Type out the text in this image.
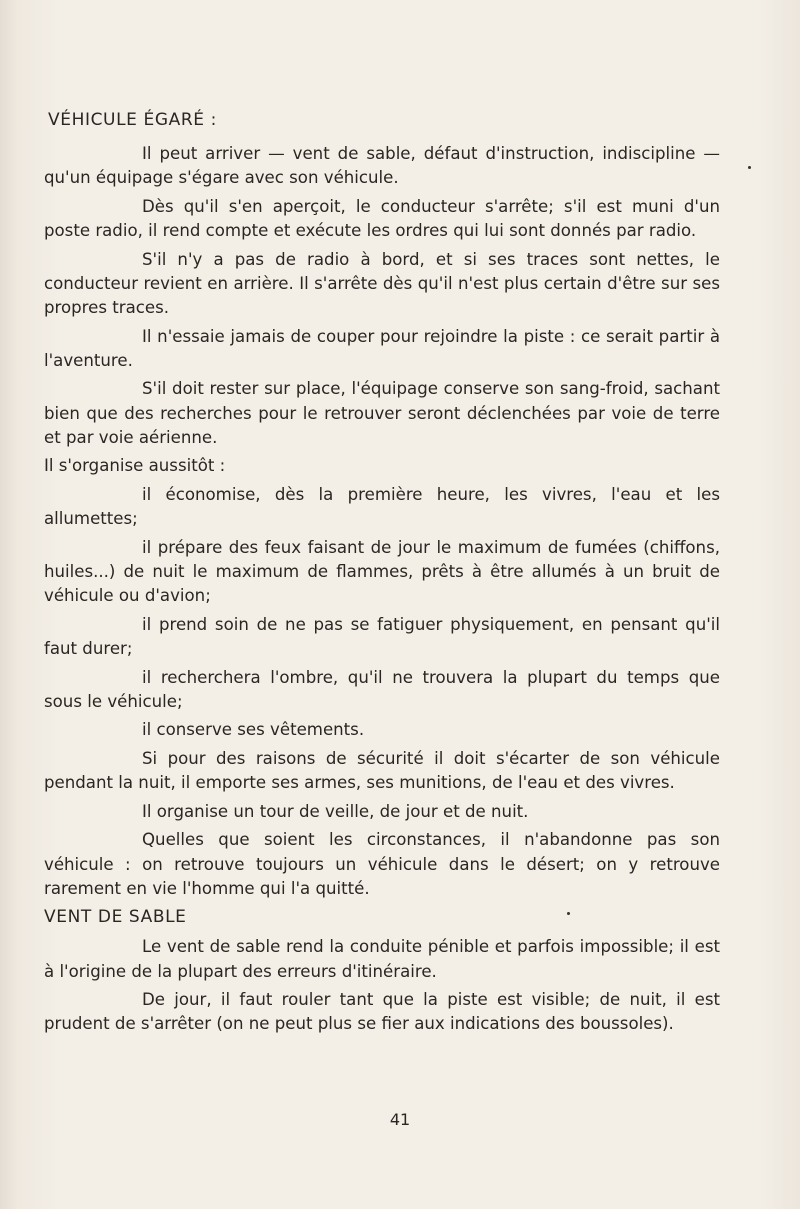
VÉHICULE ÉGARÉ :

Il peut arriver — vent de sable, défaut d'instruction, indiscipline — qu'un équipage s'égare avec son véhicule.

Dès qu'il s'en aperçoit, le conducteur s'arrête; s'il est muni d'un poste radio, il rend compte et exécute les ordres qui lui sont donnés par radio.

S'il n'y a pas de radio à bord, et si ses traces sont nettes, le conducteur revient en arrière. Il s'arrête dès qu'il n'est plus certain d'être sur ses propres traces.

Il n'essaie jamais de couper pour rejoindre la piste : ce serait partir à l'aventure.

S'il doit rester sur place, l'équipage conserve son sang-froid, sachant bien que des recherches pour le retrouver seront déclenchées par voie de terre et par voie aérienne.

Il s'organise aussitôt :

il économise, dès la première heure, les vivres, l'eau et les allumettes;

il prépare des feux faisant de jour le maximum de fumées (chiffons, huiles...) de nuit le maximum de flammes, prêts à être allumés à un bruit de véhicule ou d'avion;

il prend soin de ne pas se fatiguer physiquement, en pensant qu'il faut durer;

il recherchera l'ombre, qu'il ne trouvera la plupart du temps que sous le véhicule;

il conserve ses vêtements.

Si pour des raisons de sécurité il doit s'écarter de son véhicule pendant la nuit, il emporte ses armes, ses munitions, de l'eau et des vivres.

Il organise un tour de veille, de jour et de nuit.

Quelles que soient les circonstances, il n'abandonne pas son véhicule : on retrouve toujours un véhicule dans le désert; on y retrouve rarement en vie l'homme qui l'a quitté.

VENT DE SABLE

Le vent de sable rend la conduite pénible et parfois impossible; il est à l'origine de la plupart des erreurs d'itinéraire.

De jour, il faut rouler tant que la piste est visible; de nuit, il est prudent de s'arrêter (on ne peut plus se fier aux indications des boussoles).

41
